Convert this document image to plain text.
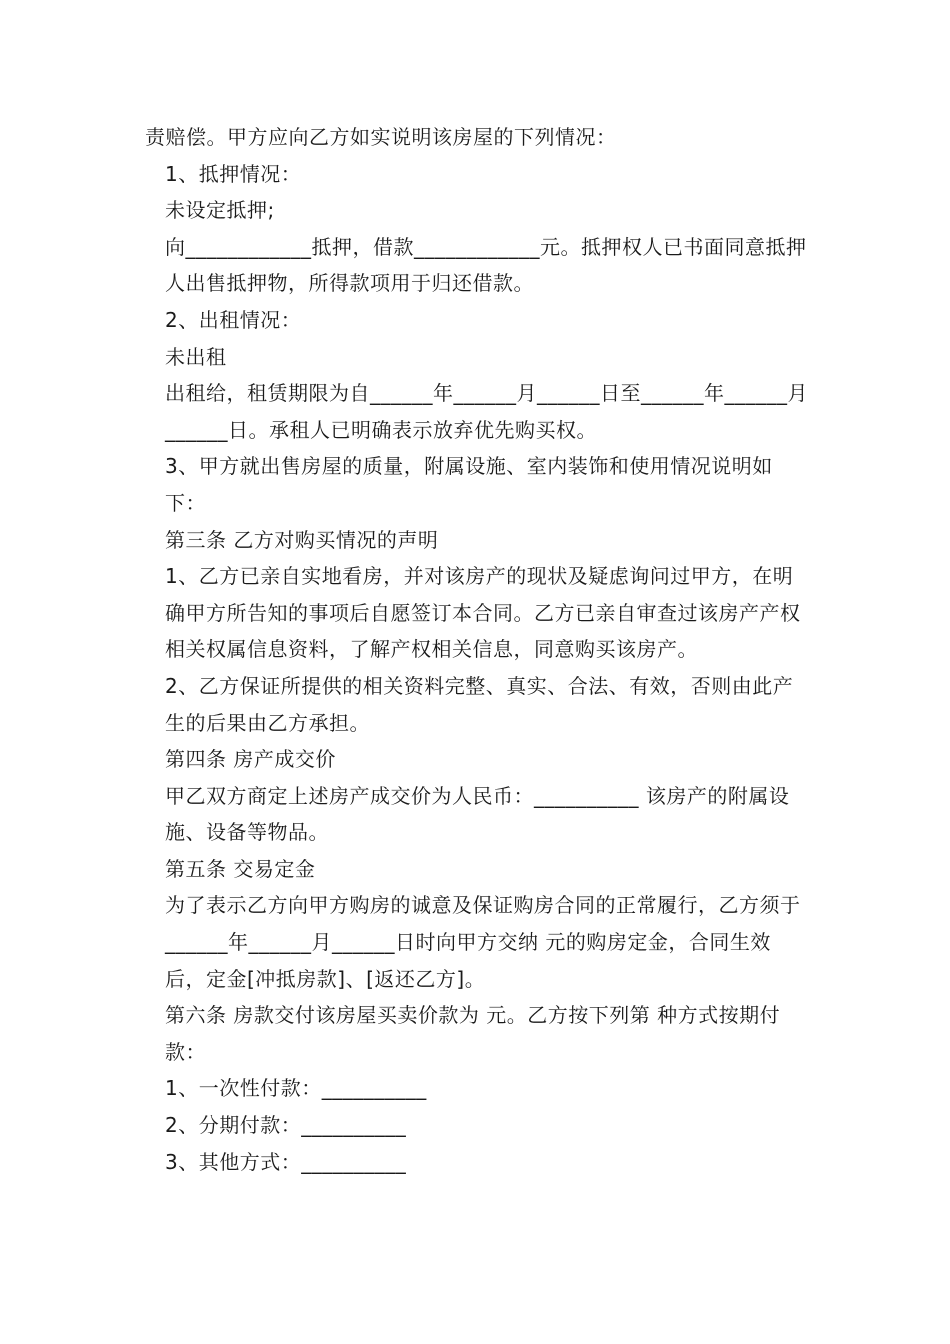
责赔偿。甲方应向乙方如实说明该房屋的下列情况：

1、抵押情况：

未设定抵押;

向____________抵押，借款____________元。抵押权人已书面同意抵押人出售抵押物，所得款项用于归还借款。

2、出租情况：

未出租

出租给，租赁期限为自______年______月______日至______年______月______日。承租人已明确表示放弃优先购买权。

3、甲方就出售房屋的质量，附属设施、室内装饰和使用情况说明如下：

第三条 乙方对购买情况的声明

1、乙方已亲自实地看房，并对该房产的现状及疑虑询问过甲方，在明确甲方所告知的事项后自愿签订本合同。乙方已亲自审查过该房产产权相关权属信息资料，了解产权相关信息，同意购买该房产。

2、乙方保证所提供的相关资料完整、真实、合法、有效，否则由此产生的后果由乙方承担。

第四条 房产成交价

甲乙双方商定上述房产成交价为人民币：__________ 该房产的附属设施、设备等物品。

第五条 交易定金

为了表示乙方向甲方购房的诚意及保证购房合同的正常履行，乙方须于______年______月______日时向甲方交纳 元的购房定金，合同生效后，定金[冲抵房款]、[返还乙方]。

第六条 房款交付该房屋买卖价款为 元。乙方按下列第 种方式按期付款：

1、一次性付款：__________

2、分期付款：__________

3、其他方式：__________
